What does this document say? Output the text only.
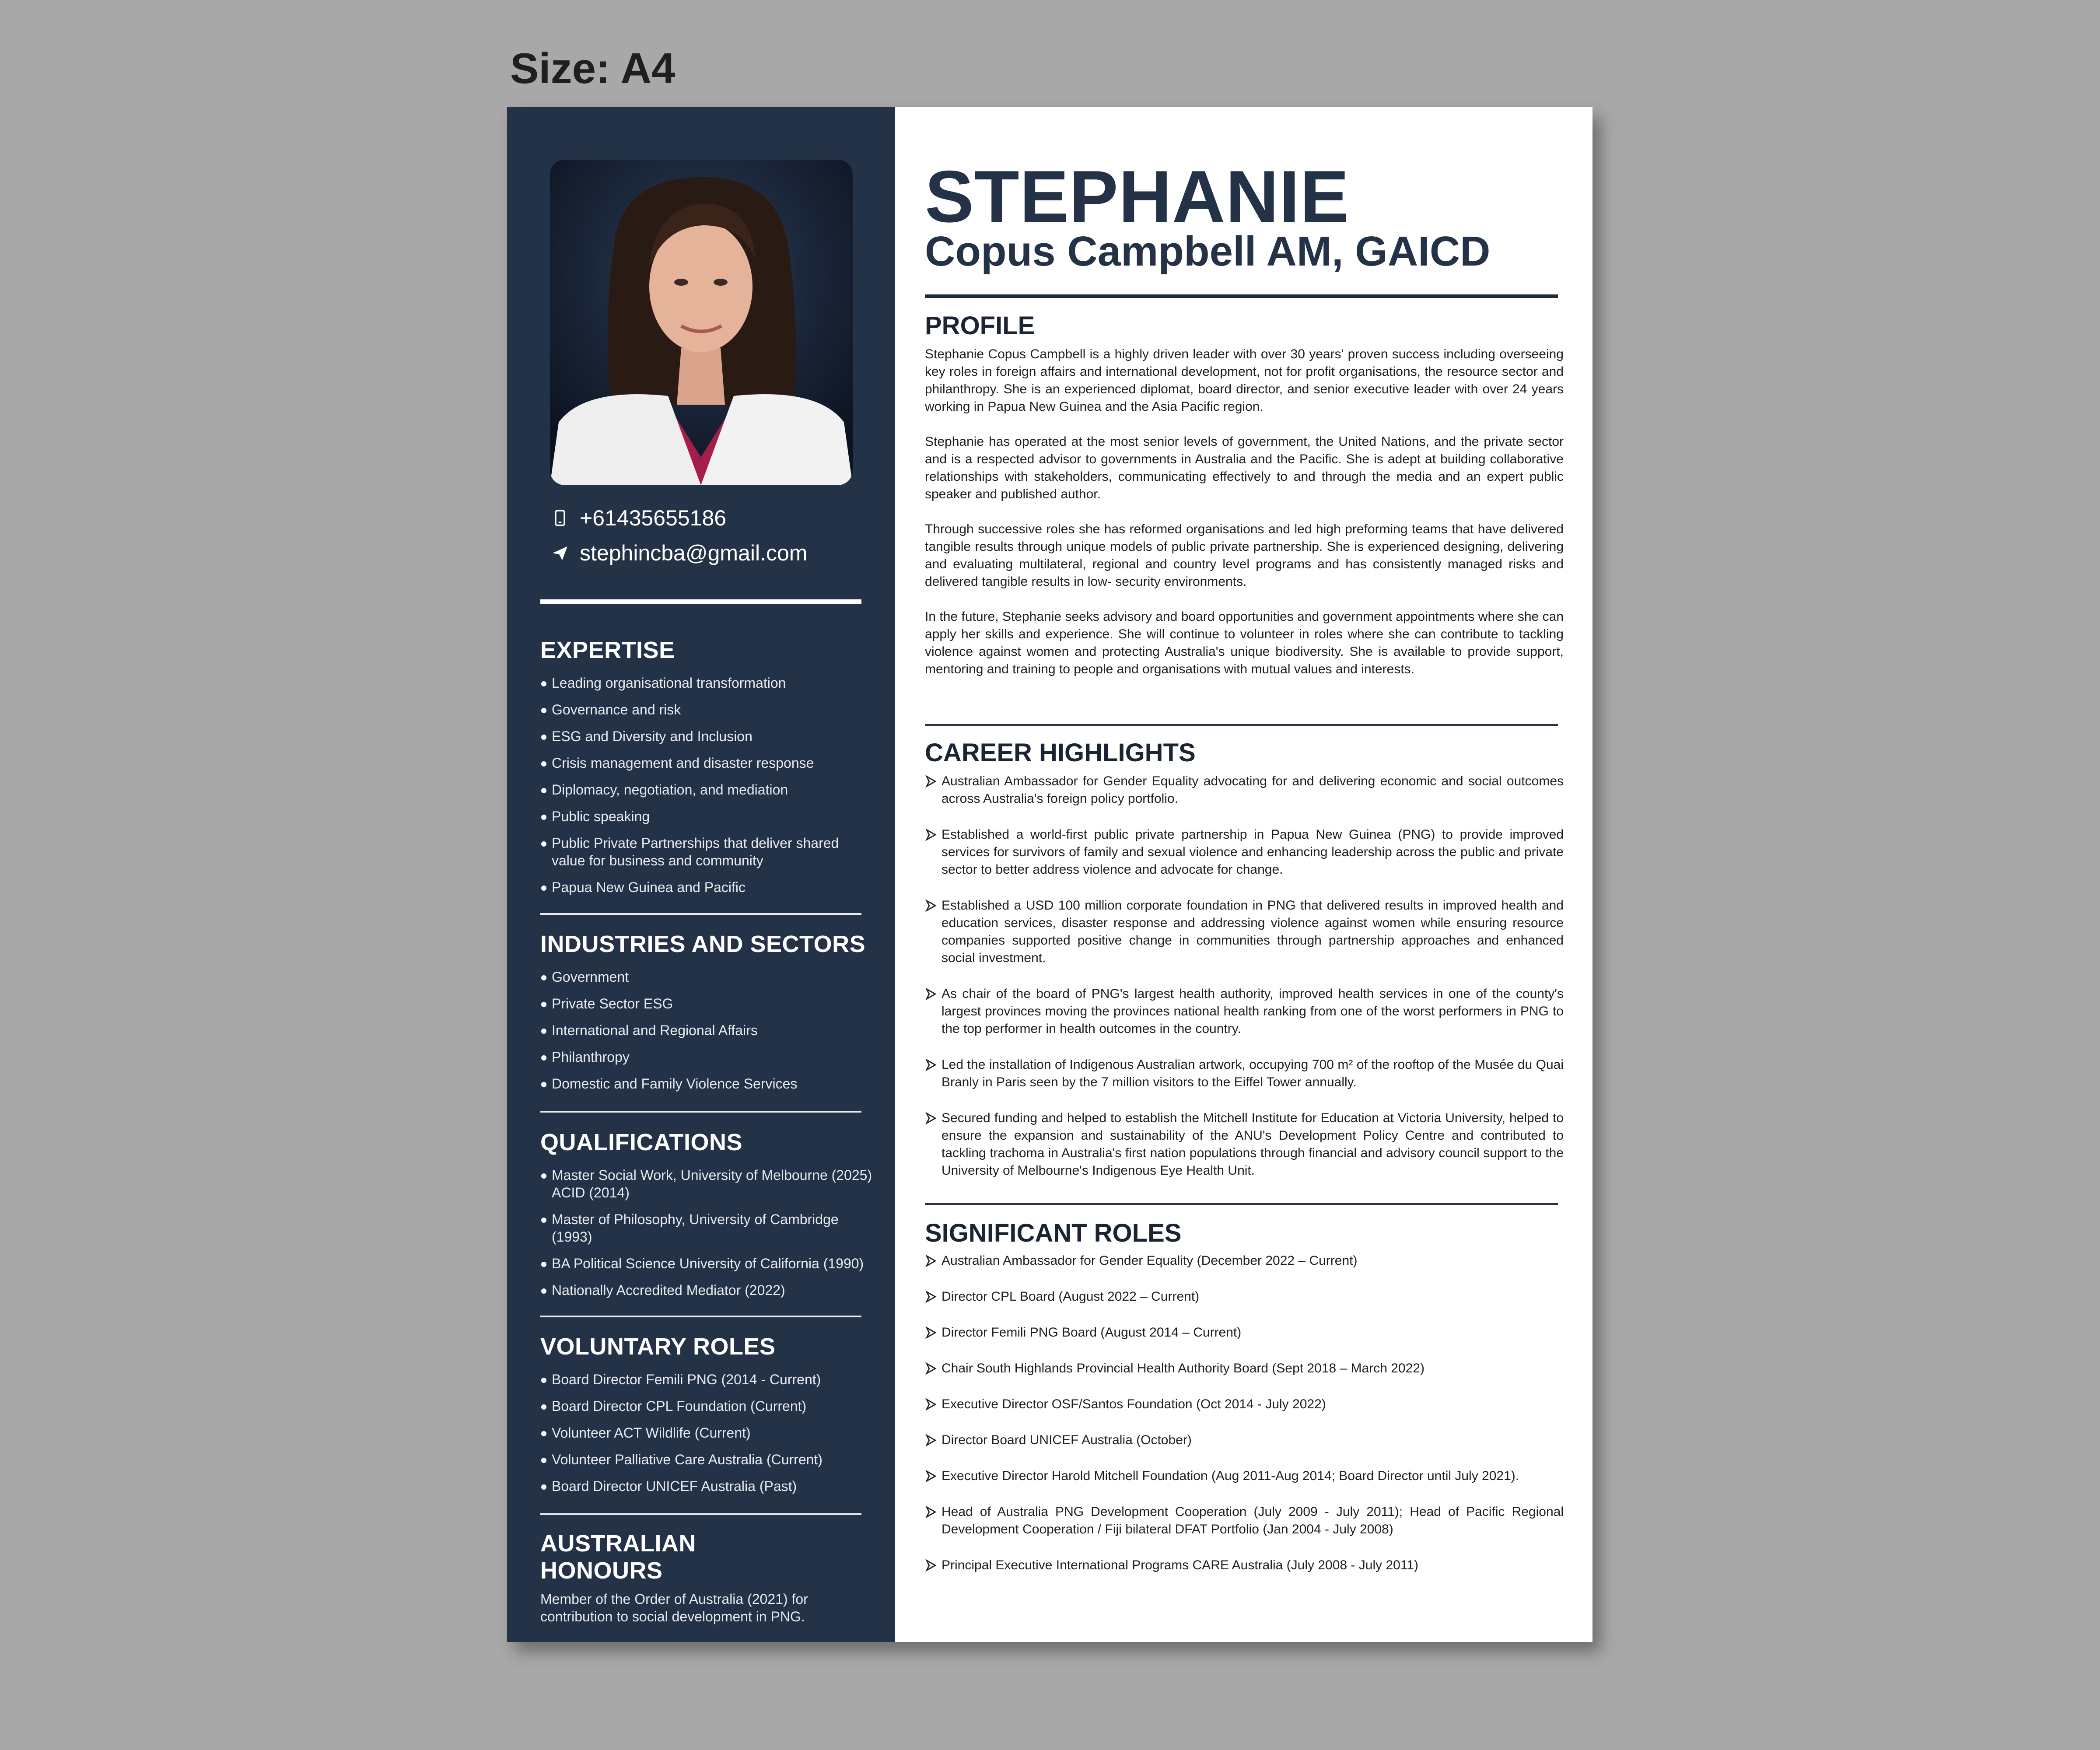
Size: A4
+61435655186
stephincba@gmail.com
EXPERTISE
Leading organisational transformation
Governance and risk
ESG and Diversity and Inclusion
Crisis management and disaster response
Diplomacy, negotiation, and mediation
Public speaking
Public Private Partnerships that deliver shared value for business and community
Papua New Guinea and Pacific
INDUSTRIES AND SECTORS
Government
Private Sector ESG
International and Regional Affairs
Philanthropy
Domestic and Family Violence Services
QUALIFICATIONS
Master Social Work, University of Melbourne (2025) ACID (2014)
Master of Philosophy, University of Cambridge (1993)
BA Political Science University of California (1990)
Nationally Accredited Mediator (2022)
VOLUNTARY ROLES
Board Director Femili PNG (2014 - Current)
Board Director CPL Foundation (Current)
Volunteer ACT Wildlife (Current)
Volunteer Palliative Care Australia (Current)
Board Director UNICEF Australia (Past)
AUSTRALIAN HONOURS

Member of the Order of Australia (2021) for contribution to social development in PNG.

STEPHANIE
Copus Campbell AM, GAICD
PROFILE

Stephanie Copus Campbell is a highly driven leader with over 30 years' proven success including overseeing key roles in foreign affairs and international development, not for profit organisations, the resource sector and philanthropy. She is an experienced diplomat, board director, and senior executive leader with over 24 years working in Papua New Guinea and the Asia Pacific region.

Stephanie has operated at the most senior levels of government, the United Nations, and the private sector and is a respected advisor to governments in Australia and the Pacific. She is adept at building collaborative relationships with stakeholders, communicating effectively to and through the media and an expert public speaker and published author.

Through successive roles she has reformed organisations and led high preforming teams that have delivered tangible results through unique models of public private partnership. She is experienced designing, delivering and evaluating multilateral, regional and country level programs and has consistently managed risks and delivered tangible results in low- security environments.

In the future, Stephanie seeks advisory and board opportunities and government appointments where she can apply her skills and experience. She will continue to volunteer in roles where she can contribute to tackling violence against women and protecting Australia's unique biodiversity. She is available to provide support, mentoring and training to people and organisations with mutual values and interests.

CAREER HIGHLIGHTS
Australian Ambassador for Gender Equality advocating for and delivering economic and social outcomes across Australia's foreign policy portfolio.
Established a world-first public private partnership in Papua New Guinea (PNG) to provide improved services for survivors of family and sexual violence and enhancing leadership across the public and private sector to better address violence and advocate for change.
Established a USD 100 million corporate foundation in PNG that delivered results in improved health and education services, disaster response and addressing violence against women while ensuring resource companies supported positive change in communities through partnership approaches and enhanced social investment.
As chair of the board of PNG's largest health authority, improved health services in one of the county's largest provinces moving the provinces national health ranking from one of the worst performers in PNG to the top performer in health outcomes in the country.
Led the installation of Indigenous Australian artwork, occupying 700 m² of the rooftop of the Musée du Quai Branly in Paris seen by the 7 million visitors to the Eiffel Tower annually.
Secured funding and helped to establish the Mitchell Institute for Education at Victoria University, helped to ensure the expansion and sustainability of the ANU's Development Policy Centre and contributed to tackling trachoma in Australia's first nation populations through financial and advisory council support to the University of Melbourne's Indigenous Eye Health Unit.
SIGNIFICANT ROLES
Australian Ambassador for Gender Equality (December 2022 – Current)
Director CPL Board (August 2022 – Current)
Director Femili PNG Board (August 2014 – Current)
Chair South Highlands Provincial Health Authority Board (Sept 2018 – March 2022)
Executive Director OSF/Santos Foundation (Oct 2014 - July 2022)
Director Board UNICEF Australia (October)
Executive Director Harold Mitchell Foundation (Aug 2011-Aug 2014; Board Director until July 2021).
Head of Australia PNG Development Cooperation (July 2009 - July 2011); Head of Pacific Regional Development Cooperation / Fiji bilateral DFAT Portfolio (Jan 2004 - July 2008)
Principal Executive International Programs CARE Australia (July 2008 - July 2011)
